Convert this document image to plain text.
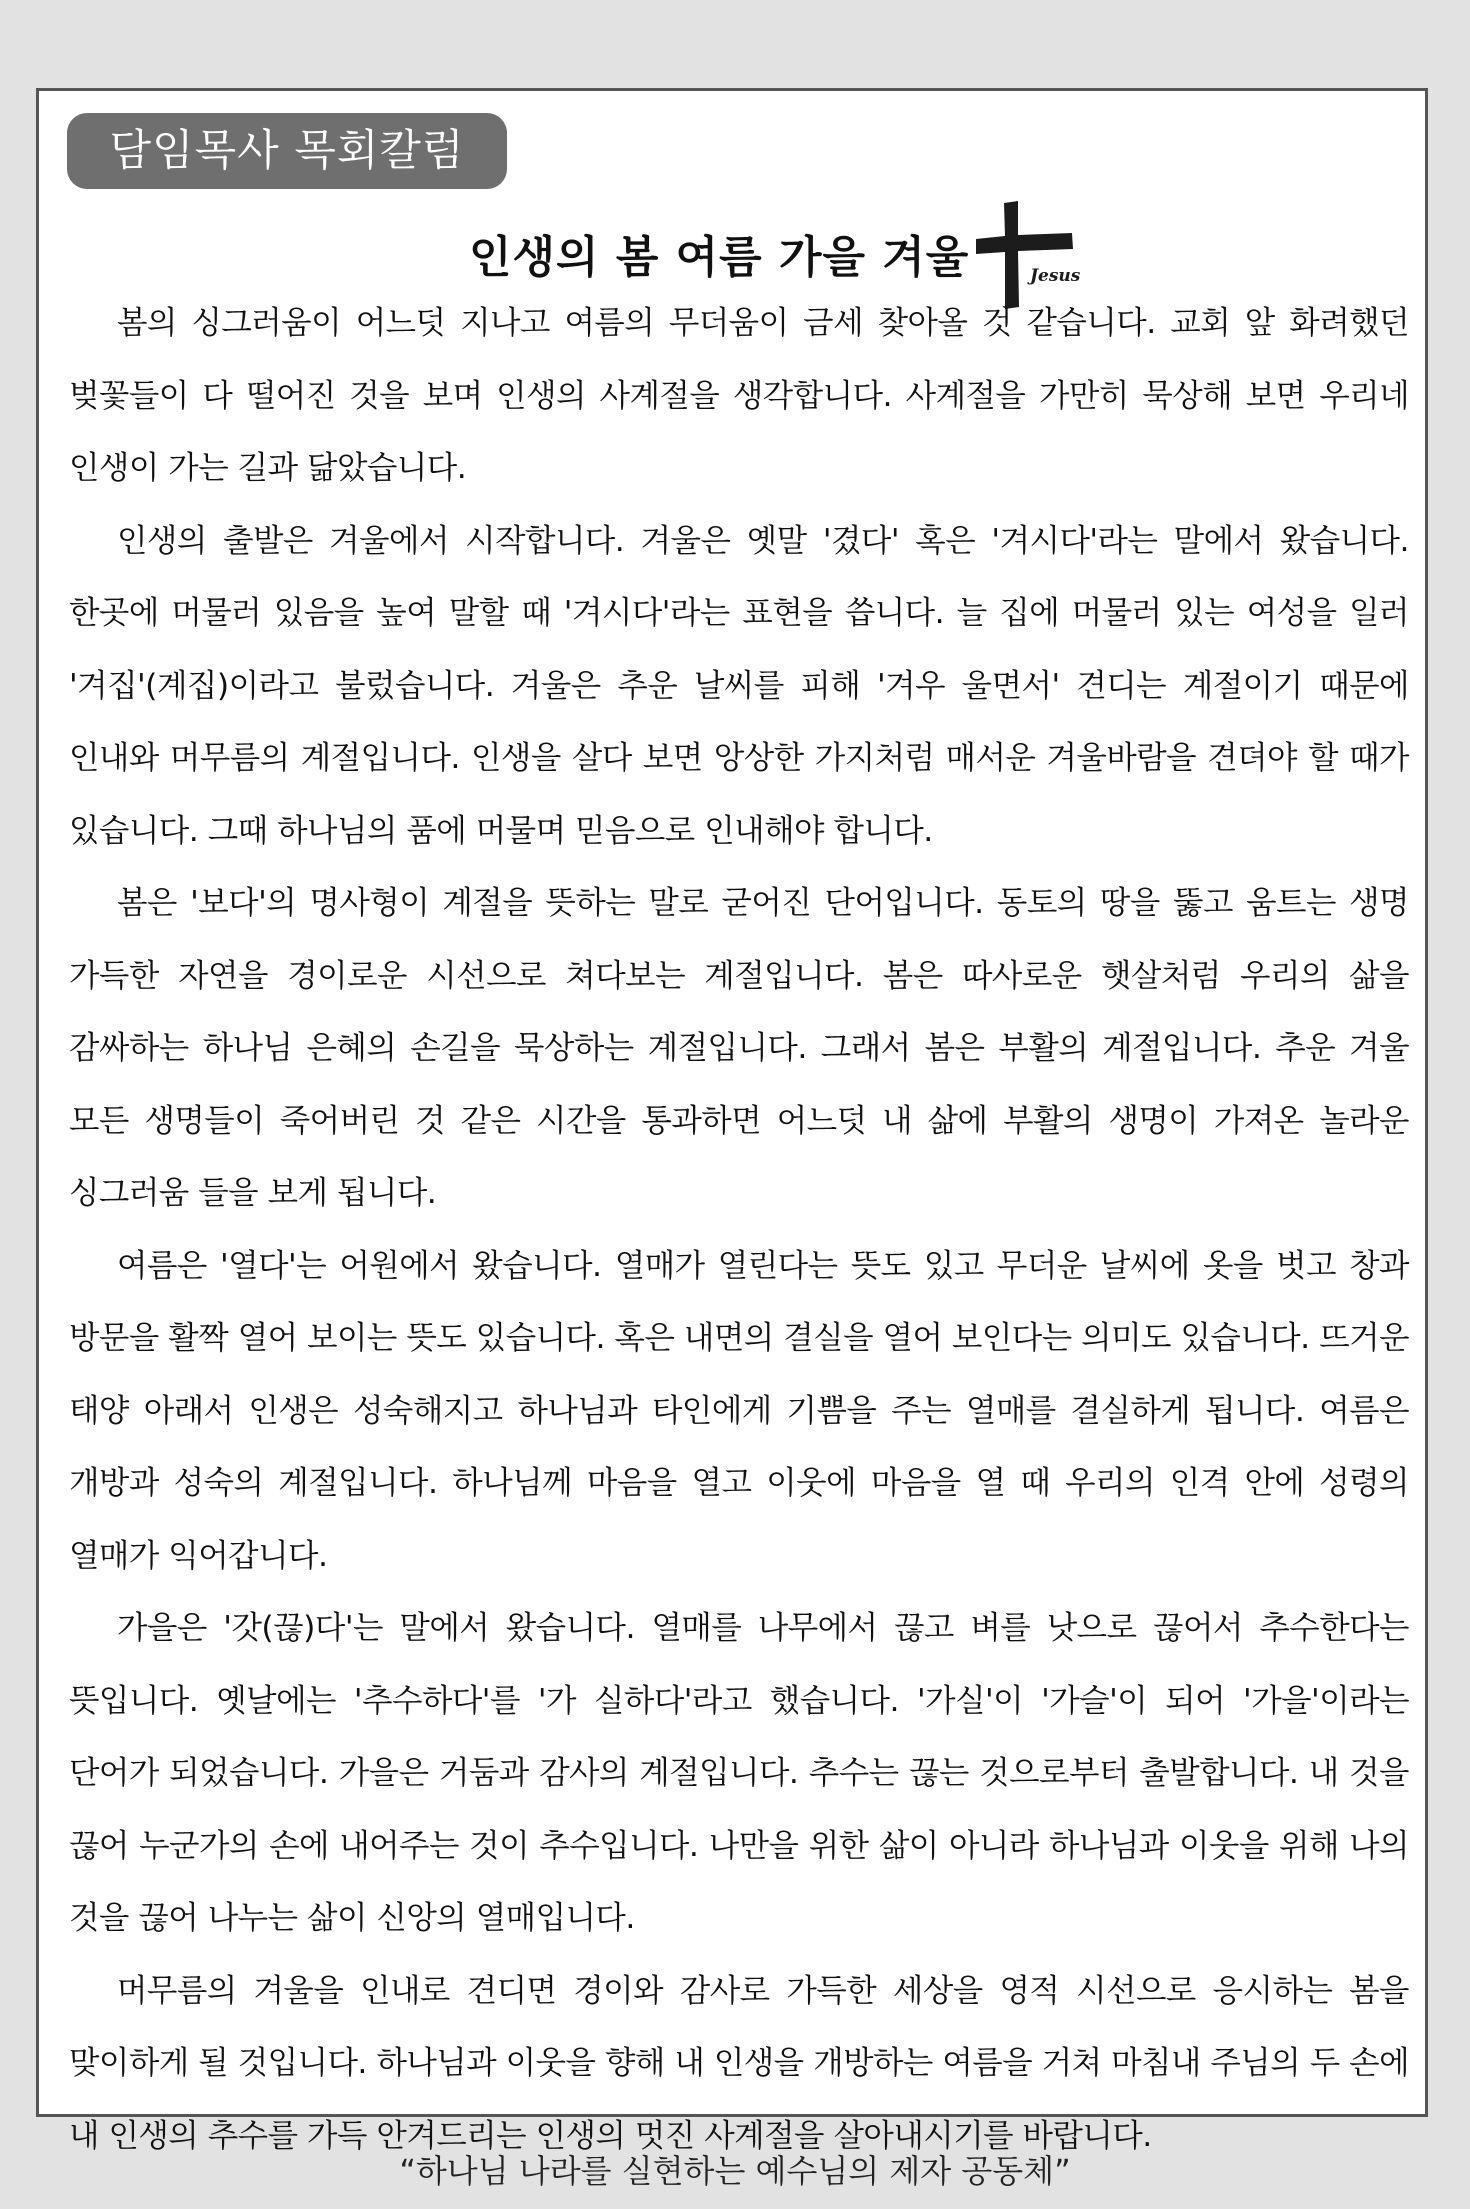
담임목사 목회칼럼
인생의 봄 여름 가을 겨울	Jesus

봄의 싱그러움이 어느덧 지나고 여름의 무더움이 금세 찾아올 것 같습니다. 교회 앞 화려했던 벚꽃들이 다 떨어진 것을 보며 인생의 사계절을 생각합니다. 사계절을 가만히 묵상해 보면 우리네 인생이 가는 길과 닮았습니다.

인생의 출발은 겨울에서 시작합니다. 겨울은 옛말 '겼다' 혹은 '겨시다'라는 말에서 왔습니다. 한곳에 머물러 있음을 높여 말할 때 '겨시다'라는 표현을 씁니다. 늘 집에 머물러 있는 여성을 일러 '겨집'(계집)이라고 불렀습니다. 겨울은 추운 날씨를 피해 '겨우 울면서' 견디는 계절이기 때문에 인내와 머무름의 계절입니다. 인생을 살다 보면 앙상한 가지처럼 매서운 겨울바람을 견뎌야 할 때가 있습니다. 그때 하나님의 품에 머물며 믿음으로 인내해야 합니다.

봄은 '보다'의 명사형이 계절을 뜻하는 말로 굳어진 단어입니다. 동토의 땅을 뚫고 움트는 생명 가득한 자연을 경이로운 시선으로 쳐다보는 계절입니다. 봄은 따사로운 햇살처럼 우리의 삶을 감싸하는 하나님 은혜의 손길을 묵상하는 계절입니다. 그래서 봄은 부활의 계절입니다. 추운 겨울 모든 생명들이 죽어버린 것 같은 시간을 통과하면 어느덧 내 삶에 부활의 생명이 가져온 놀라운 싱그러움 들을 보게 됩니다.

여름은 '열다'는 어원에서 왔습니다. 열매가 열린다는 뜻도 있고 무더운 날씨에 옷을 벗고 창과 방문을 활짝 열어 보이는 뜻도 있습니다. 혹은 내면의 결실을 열어 보인다는 의미도 있습니다. 뜨거운 태양 아래서 인생은 성숙해지고 하나님과 타인에게 기쁨을 주는 열매를 결실하게 됩니다. 여름은 개방과 성숙의 계절입니다. 하나님께 마음을 열고 이웃에 마음을 열 때 우리의 인격 안에 성령의 열매가 익어갑니다.

가을은 '갓(끊)다'는 말에서 왔습니다. 열매를 나무에서 끊고 벼를 낫으로 끊어서 추수한다는 뜻입니다. 옛날에는 '추수하다'를 '가 실하다'라고 했습니다. '가실'이 '가슬'이 되어 '가을'이라는 단어가 되었습니다. 가을은 거둠과 감사의 계절입니다. 추수는 끊는 것으로부터 출발합니다. 내 것을 끊어 누군가의 손에 내어주는 것이 추수입니다. 나만을 위한 삶이 아니라 하나님과 이웃을 위해 나의 것을 끊어 나누는 삶이 신앙의 열매입니다.

머무름의 겨울을 인내로 견디면 경이와 감사로 가득한 세상을 영적 시선으로 응시하는 봄을 맞이하게 될 것입니다. 하나님과 이웃을 향해 내 인생을 개방하는 여름을 거쳐 마침내 주님의 두 손에 내 인생의 추수를 가득 안겨드리는 인생의 멋진 사계절을 살아내시기를 바랍니다.

“하나님 나라를 실현하는 예수님의 제자 공동체”
